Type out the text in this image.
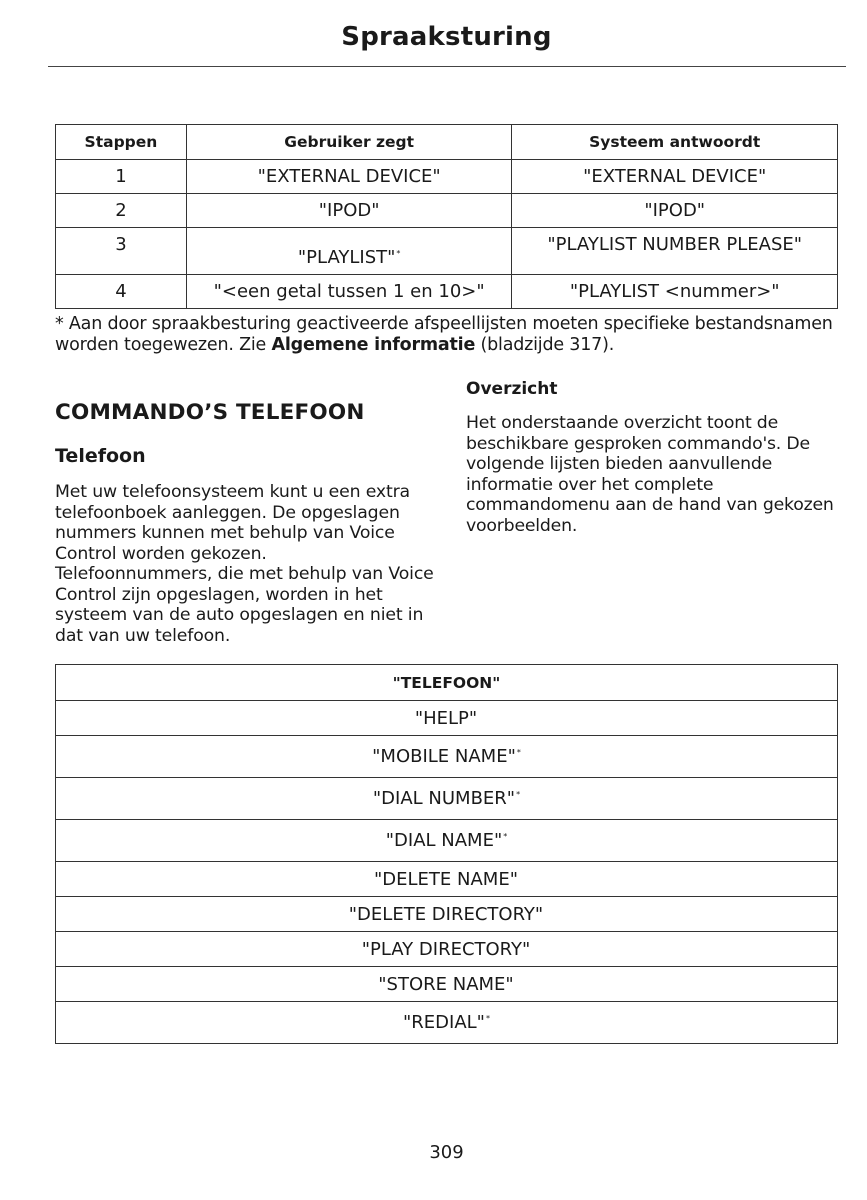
Spraaksturing
Stappen	Gebruiker zegt	Systeem antwoordt
1	"EXTERNAL DEVICE"	"EXTERNAL DEVICE"
2	"IPOD"	"IPOD"
3	"PLAYLIST"*	"PLAYLIST NUMBER PLEASE"
4	"<een getal tussen 1 en 10>"	"PLAYLIST <nummer>"
* Aan door spraakbesturing geactiveerde afspeellijsten moeten specifieke bestandsnamen worden toegewezen. Zie Algemene informatie (bladzijde 317).
COMMANDO’S TELEFOON
Telefoon

Met uw telefoonsysteem kunt u een extra telefoonboek aanleggen. De opgeslagen nummers kunnen met behulp van Voice Control worden gekozen.

Telefoonnummers, die met behulp van Voice Control zijn opgeslagen, worden in het systeem van de auto opgeslagen en niet in dat van uw telefoon.

Overzicht

Het onderstaande overzicht toont de beschikbare gesproken commando's. De volgende lijsten bieden aanvullende informatie over het complete commandomenu aan de hand van gekozen voorbeelden.

"TELEFOON"
"HELP"
"MOBILE NAME"*
"DIAL NUMBER"*
"DIAL NAME"*
"DELETE NAME"
"DELETE DIRECTORY"
"PLAY DIRECTORY"
"STORE NAME"
"REDIAL"*
309
